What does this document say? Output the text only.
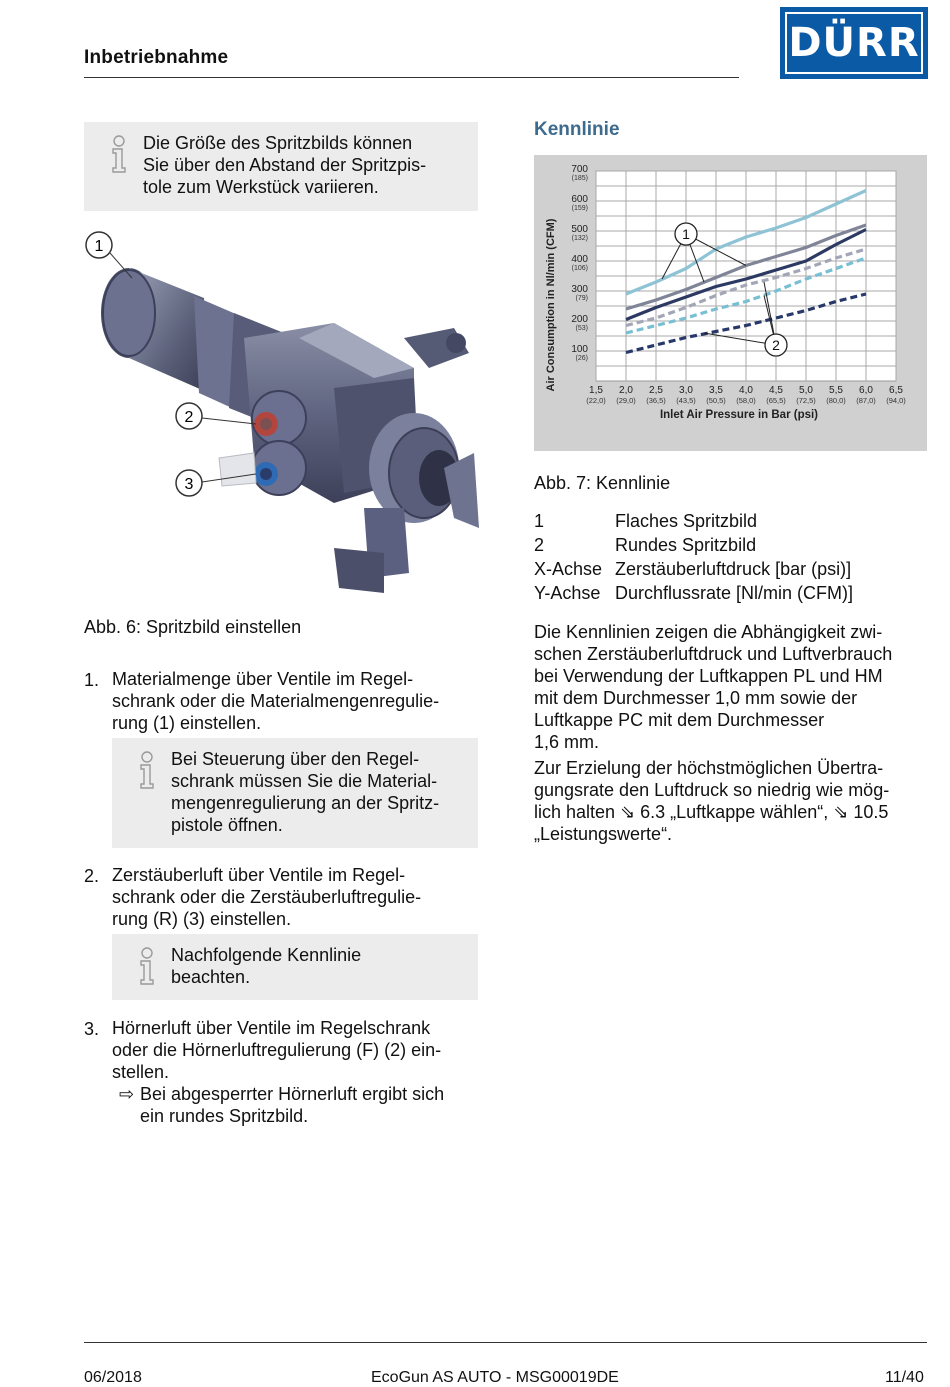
Inbetriebnahme	DÜRR
Die Größe des Spritzbilds können
Sie über den Abstand der Spritzpis-
tole zum Werkstück variieren.
1
2
3
Abb. 6: Spritzbild einstellen
1. Materialmenge über Ventile im Regel-
schrank oder die Materialmengenregulie-
rung (1) einstellen.
Bei Steuerung über den Regel-
schrank müssen Sie die Material-
mengenregulierung an der Spritz-
pistole öffnen.
2. Zerstäuberluft über Ventile im Regel-
schrank oder die Zerstäuberluftregulie-
rung (R) (3) einstellen.
Nachfolgende Kennlinie
beachten.
3. Hörnerluft über Ventile im Regelschrank
oder die Hörnerluftregulierung (F) (2) ein-
stellen.
⇨ Bei abgesperrter Hörnerluft ergibt sich
ein rundes Spritzbild.
Kennlinie
Air Consumption in Nl/min (CFM)
Inlet Air Pressure in Bar (psi)
1,5
(22,0)
2,0
(29,0)
2,5
(36,5)
3,0
(43,5)
3,5
(50,5)
4,0
(58,0)
4,5
(65,5)
5,0
(72,5)
5,5
(80,0)
6,0
(87,0)
6,5
(94,0)
100
(26)
200
(53)
300
(79)
400
(106)
500
(132)
600
(159)
700
(185)
1
2
Abb. 7: Kennlinie
1	Flaches Spritzbild
2	Rundes Spritzbild
X-Achse Zerstäuberluftdruck [bar (psi)]
Y-Achse Durchflussrate [Nl/min (CFM)]
Die Kennlinien zeigen die Abhängigkeit zwi-
schen Zerstäuberluftdruck und Luftverbrauch
bei Verwendung der Luftkappen PL und HM
mit dem Durchmesser 1,0 mm sowie der
Luftkappe PC mit dem Durchmesser
1,6 mm.
Zur Erzielung der höchstmöglichen Übertra-
gungsrate den Luftdruck so niedrig wie mög-
lich halten ⇘ 6.3 „Luftkappe wählen“, ⇘ 10.5
„Leistungswerte“.
06/2018	EcoGun AS AUTO - MSG00019DE	11/40
